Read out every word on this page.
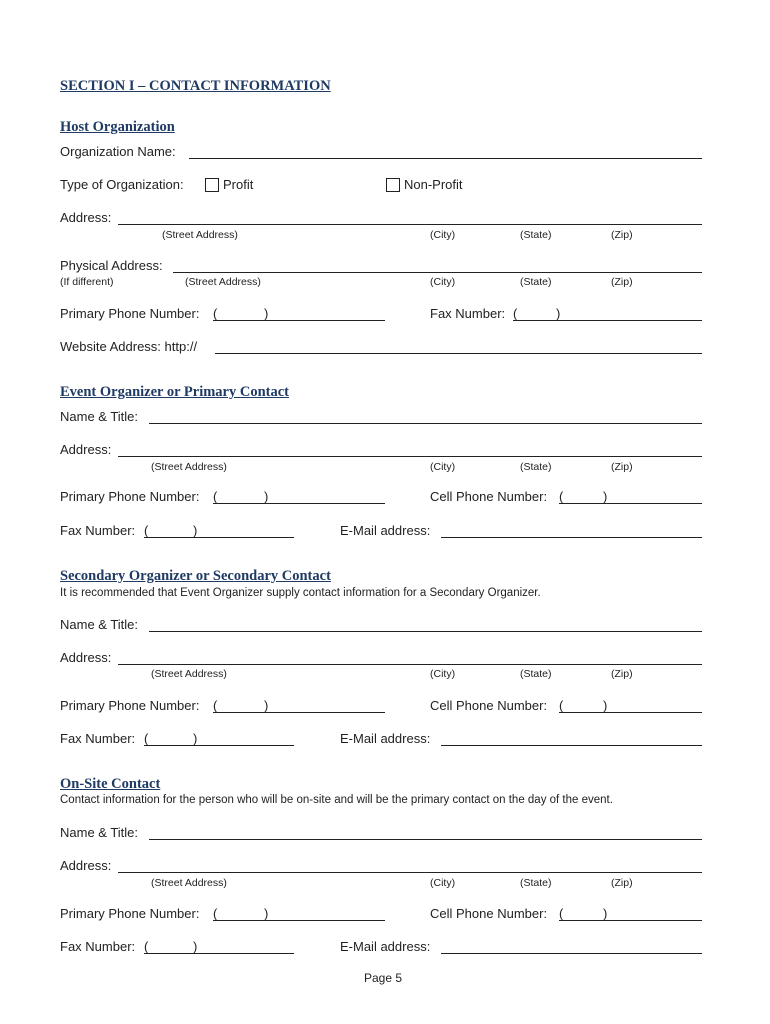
SECTION I – CONTACT INFORMATION
Host Organization
Organization Name:
Type of Organization:	Profit	Non-Profit
Address:
(Street Address)	(City)	(State)	(Zip)
Physical Address:
(If different)	(Street Address)	(City)	(State)	(Zip)
Primary Phone Number: (	)	Fax Number: (	)
Website Address: http://
Event Organizer or Primary Contact
Name & Title:
Address:
(Street Address)	(City)	(State)	(Zip)
Primary Phone Number: (	)	Cell Phone Number: (	)
Fax Number: (	)	E-Mail address:
Secondary Organizer or Secondary Contact
It is recommended that Event Organizer supply contact information for a Secondary Organizer.
Name & Title:
Address:
(Street Address)	(City)	(State)	(Zip)
Primary Phone Number: (	)	Cell Phone Number: (	)
Fax Number: (	)	E-Mail address:
On-Site Contact
Contact information for the person who will be on-site and will be the primary contact on the day of the event.
Name & Title:
Address:
(Street Address)	(City)	(State)	(Zip)
Primary Phone Number: (	)	Cell Phone Number: (	)
Fax Number: (	)	E-Mail address:
Page 5
